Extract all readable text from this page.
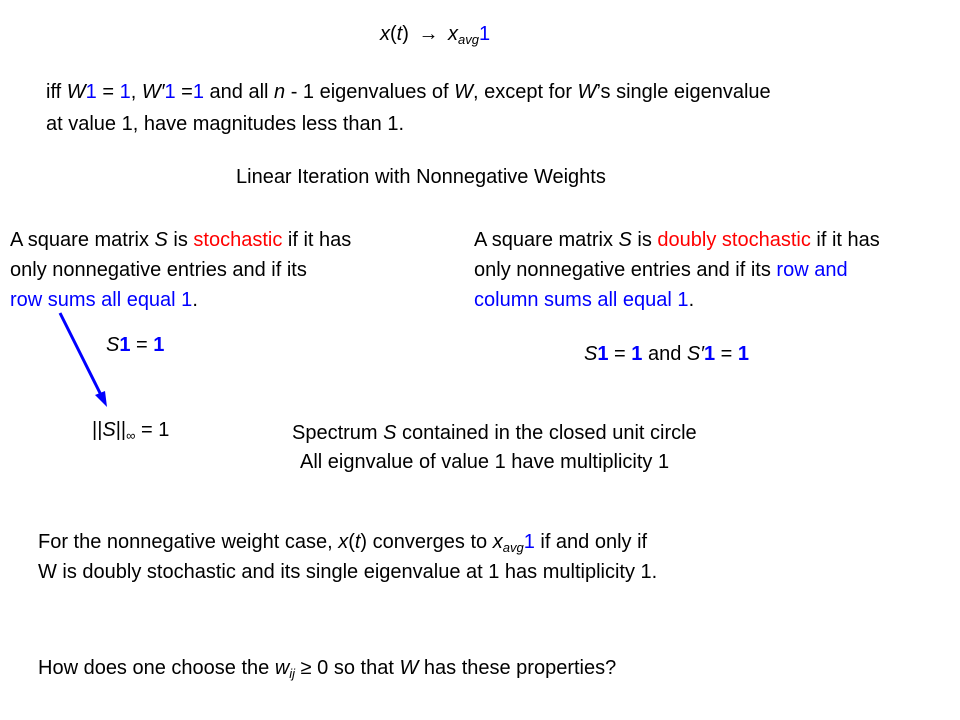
$x(t) \to x_{avg}1$
iff W1 = 1, W′1 =1 and all n - 1 eigenvalues of W, except for W’s single eigenvalue
at value 1, have magnitudes less than 1.
Linear Iteration with Nonnegative Weights
A square matrix S is stochastic if it has
only nonnegative entries and if its
row sums all equal 1.
S1 = 1
$||S||_\infty = 1$
A square matrix S is doubly stochastic if it has
only nonnegative entries and if its row and
column sums all equal 1.
S1 = 1 and S′1 = 1
Spectrum S contained in the closed unit circle
All eignvalue of value 1 have multiplicity 1
For the nonnegative weight case, x(t) converges to $x_{avg}1$ if and only if
W is doubly stochastic and its single eigenvalue at 1 has multiplicity 1.
How does one choose the $w_{ij} \ge 0$ so that W has these properties?
